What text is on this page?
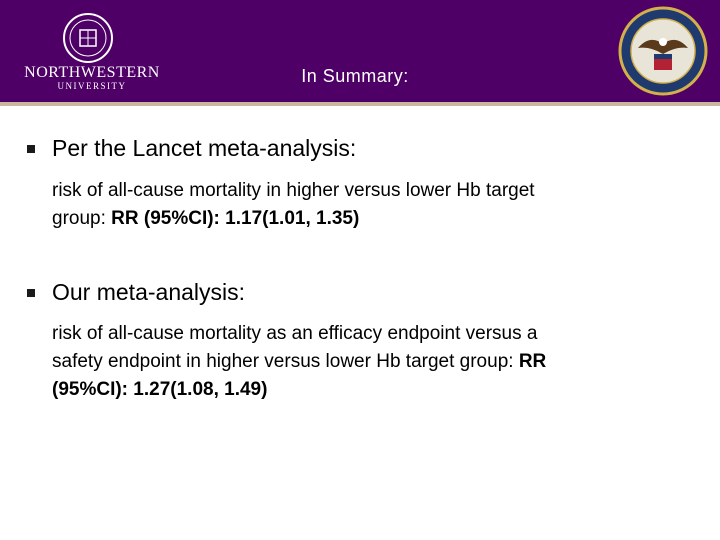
NORTHWESTERN
UNIVERSITY	In Summary:
Per the Lancet meta-analysis:
risk of all-cause mortality in higher versus lower Hb target
group: RR (95%CI): 1.17(1.01, 1.35)
Our meta-analysis:
risk of all-cause mortality as an efficacy endpoint versus a
safety endpoint in higher versus lower Hb target group: RR
(95%CI): 1.27(1.08, 1.49)
